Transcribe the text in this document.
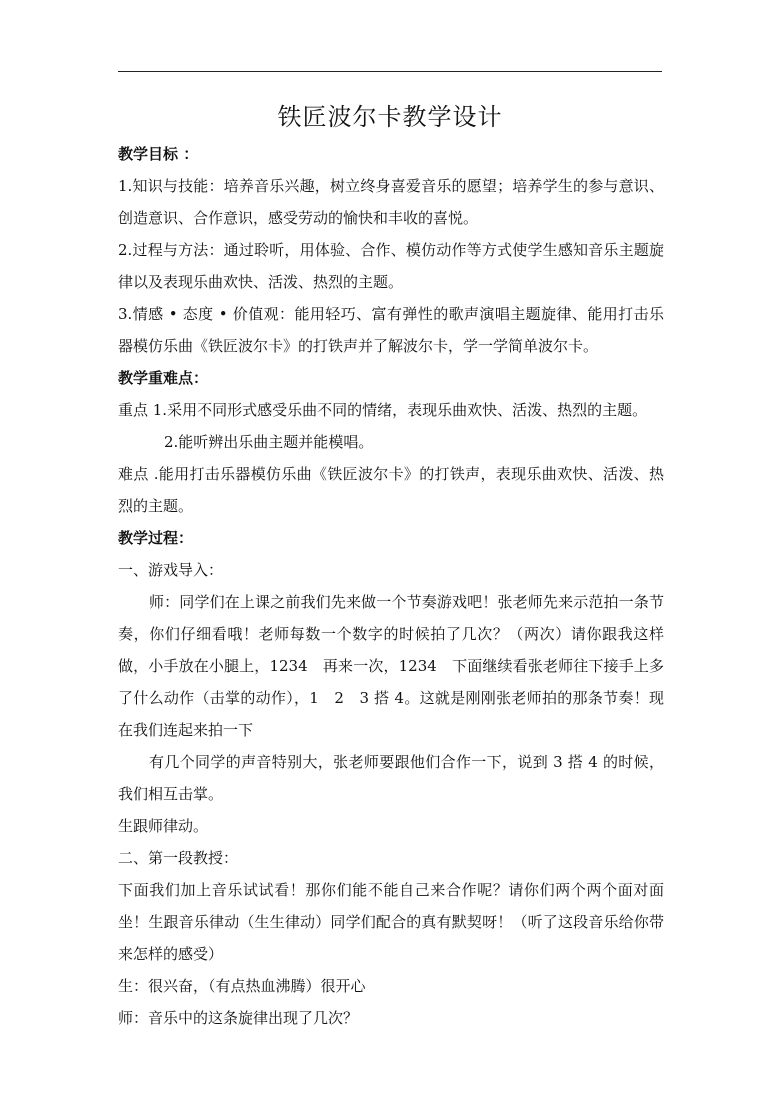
铁匠波尔卡教学设计

教学目标 ：

1.知识与技能：培养音乐兴趣，树立终身喜爱音乐的愿望；培养学生的参与意识、创造意识、合作意识，感受劳动的愉快和丰收的喜悦。

2.过程与方法：通过聆听，用体验、合作、模仿动作等方式使学生感知音乐主题旋律以及表现乐曲欢快、活泼、热烈的主题。

3.情感 • 态度 • 价值观：能用轻巧、富有弹性的歌声演唱主题旋律、能用打击乐器模仿乐曲《铁匠波尔卡》的打铁声并了解波尔卡，学一学简单波尔卡。

教学重难点：

重点 1.采用不同形式感受乐曲不同的情绪，表现乐曲欢快、活泼、热烈的主题。

2.能听辨出乐曲主题并能模唱。

难点 .能用打击乐器模仿乐曲《铁匠波尔卡》的打铁声，表现乐曲欢快、活泼、热烈的主题。

教学过程：

一、游戏导入：

师：同学们在上课之前我们先来做一个节奏游戏吧！张老师先来示范拍一条节奏，你们仔细看哦！老师每数一个数字的时候拍了几次？（两次）请你跟我这样做，小手放在小腿上，1234　再来一次，1234　下面继续看张老师往下接手上多了什么动作（击掌的动作），1　2　3 搭 4。这就是刚刚张老师拍的那条节奏！现在我们连起来拍一下

有几个同学的声音特别大，张老师要跟他们合作一下，说到 3 搭 4 的时候，我们相互击掌。

生跟师律动。

二、第一段教授：

下面我们加上音乐试试看！那你们能不能自己来合作呢？请你们两个两个面对面坐！生跟音乐律动（生生律动）同学们配合的真有默契呀！（听了这段音乐给你带来怎样的感受）

生：很兴奋，（有点热血沸腾）很开心

师：音乐中的这条旋律出现了几次？
